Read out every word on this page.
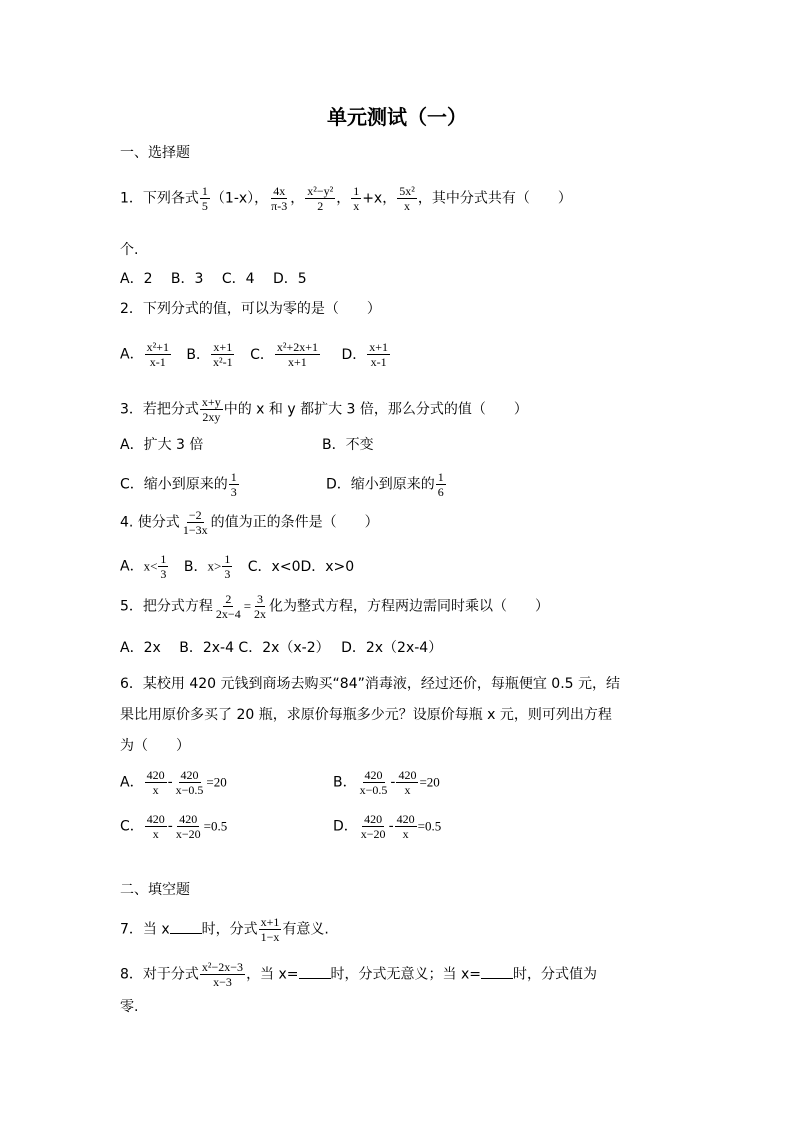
单元测试（一）
一、选择题
1．下列各式 $\frac{1}{5} (1-x)$， $\frac{4x}{\pi-3}$ ， $\frac{\text{x²−y²}}{2}$ ， $\frac{1}{x} +x$， $\frac{\text{5x²}}{x}$ ，其中分式共有（　　）
个.
A．2　 B．3　 C．4　 D．5
2．下列分式的值，可以为零的是（　　）
A． $\frac{\text{x²+1}}{x-1}$ B． $\frac{x+1}{\text{x²-1}}$ C． $\frac{\text{x²+2x+1}}{x+1}$ D． $\frac{x+1}{x-1}$
3．若把分式 $\frac{x+y}{2xy}$ 中的 x 和 y 都扩大 3 倍，那么分式的值（　　）
A．扩大 3 倍	B．不变
C．缩小到原来的 $\frac{1}{3}$	D．缩小到原来的 $\frac{1}{6}$
4. 使分式 $\frac{-2}{1-3x}$ 的值为正的条件是（　　）
A．$x< \frac{1}{3}$ B．$x> \frac{1}{3}$ C．x<0D．x>0
5．把分式方程 $\frac{2}{2x-4} = \frac{3}{2x}$ 化为整式方程，方程两边需同时乘以（　　）
A．2x　 B．2x-4 C．2x（x-2）　 D．2x（2x-4）
6．某校用 420 元钱到商场去购买“84”消毒液，经过还价，每瓶便宜 0.5 元，结
果比用原价多买了 20 瓶，求原价每瓶多少元？设原价每瓶 x 元，则可列出方程
为（　　）
A． $\frac{420}{x} - \frac{420}{x-0.5} =20$	B． $\frac{420}{x-0.5} - \frac{420}{x} =20$
C． $\frac{420}{x} - \frac{420}{x-20} =0.5$	D． $\frac{420}{x-20} - \frac{420}{x} =0.5$
二、填空题
7．当 x 时，分式 $\frac{x+1}{1-x}$ 有意义.
8．对于分式 $\frac{\text{x²−2x−3}}{x-3}$ ，当 x= 时，分式无意义；当 x= 时，分式值为
零.
